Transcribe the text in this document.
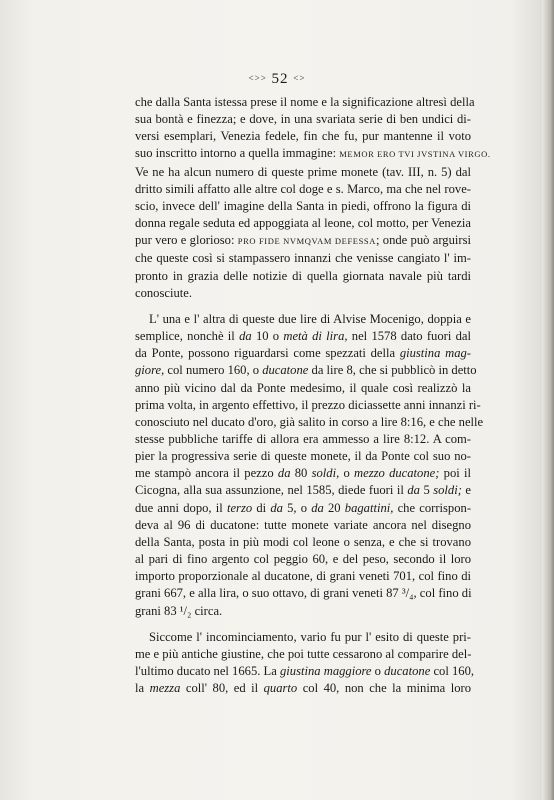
<>> 52 <>
che dalla Santa istessa prese il nome e la significazione altresì della
sua bontà e finezza; e dove, in una svariata serie di ben undici di-
versi esemplari, Venezia fedele, fin che fu, pur mantenne il voto
suo inscritto intorno a quella immagine: MEMOR ERO TVI JVSTINA VIRGO.
Ve ne ha alcun numero di queste prime monete (tav. III, n. 5) dal
dritto simili affatto alle altre col doge e s. Marco, ma che nel rove-
scio, invece dell' imagine della Santa in piedi, offrono la figura di
donna regale seduta ed appoggiata al leone, col motto, per Venezia
pur vero e glorioso: PRO FIDE NVMQVAM DEFESSA; onde può arguirsi
che queste così si stampassero innanzi che venisse cangiato l' im-
pronto in grazia delle notizie di quella giornata navale più tardi
conosciute.
L' una e l' altra di queste due lire di Alvise Mocenigo, doppia e
semplice, nonchè il da 10 o metà di lira, nel 1578 dato fuori dal
da Ponte, possono riguardarsi come spezzati della giustina mag-
giore, col numero 160, o ducatone da lire 8, che si pubblicò in detto
anno più vicino dal da Ponte medesimo, il quale così realizzò la
prima volta, in argento effettivo, il prezzo diciassette anni innanzi ri-
conosciuto nel ducato d'oro, già salito in corso a lire 8:16, e che nelle
stesse pubbliche tariffe di allora era ammesso a lire 8:12. A com-
pier la progressiva serie di queste monete, il da Ponte col suo no-
me stampò ancora il pezzo da 80 soldi, o mezzo ducatone; poi il
Cicogna, alla sua assunzione, nel 1585, diede fuori il da 5 soldi; e
due anni dopo, il terzo di da 5, o da 20 bagattini, che corrispon-
deva al 96 di ducatone: tutte monete variate ancora nel disegno
della Santa, posta in più modi col leone o senza, e che si trovano
al pari di fino argento col peggio 60, e del peso, secondo il loro
importo proporzionale al ducatone, di grani veneti 701, col fino di
grani 667, e alla lira, o suo ottavo, di grani veneti 87 ³/₄, col fino di
grani 83 ¹/₂ circa.
Siccome l' incominciamento, vario fu pur l' esito di queste pri-
me e più antiche giustine, che poi tutte cessarono al comparire del-
l'ultimo ducato nel 1665. La giustina maggiore o ducatone col 160,
la mezza coll' 80, ed il quarto col 40, non che la minima loro
